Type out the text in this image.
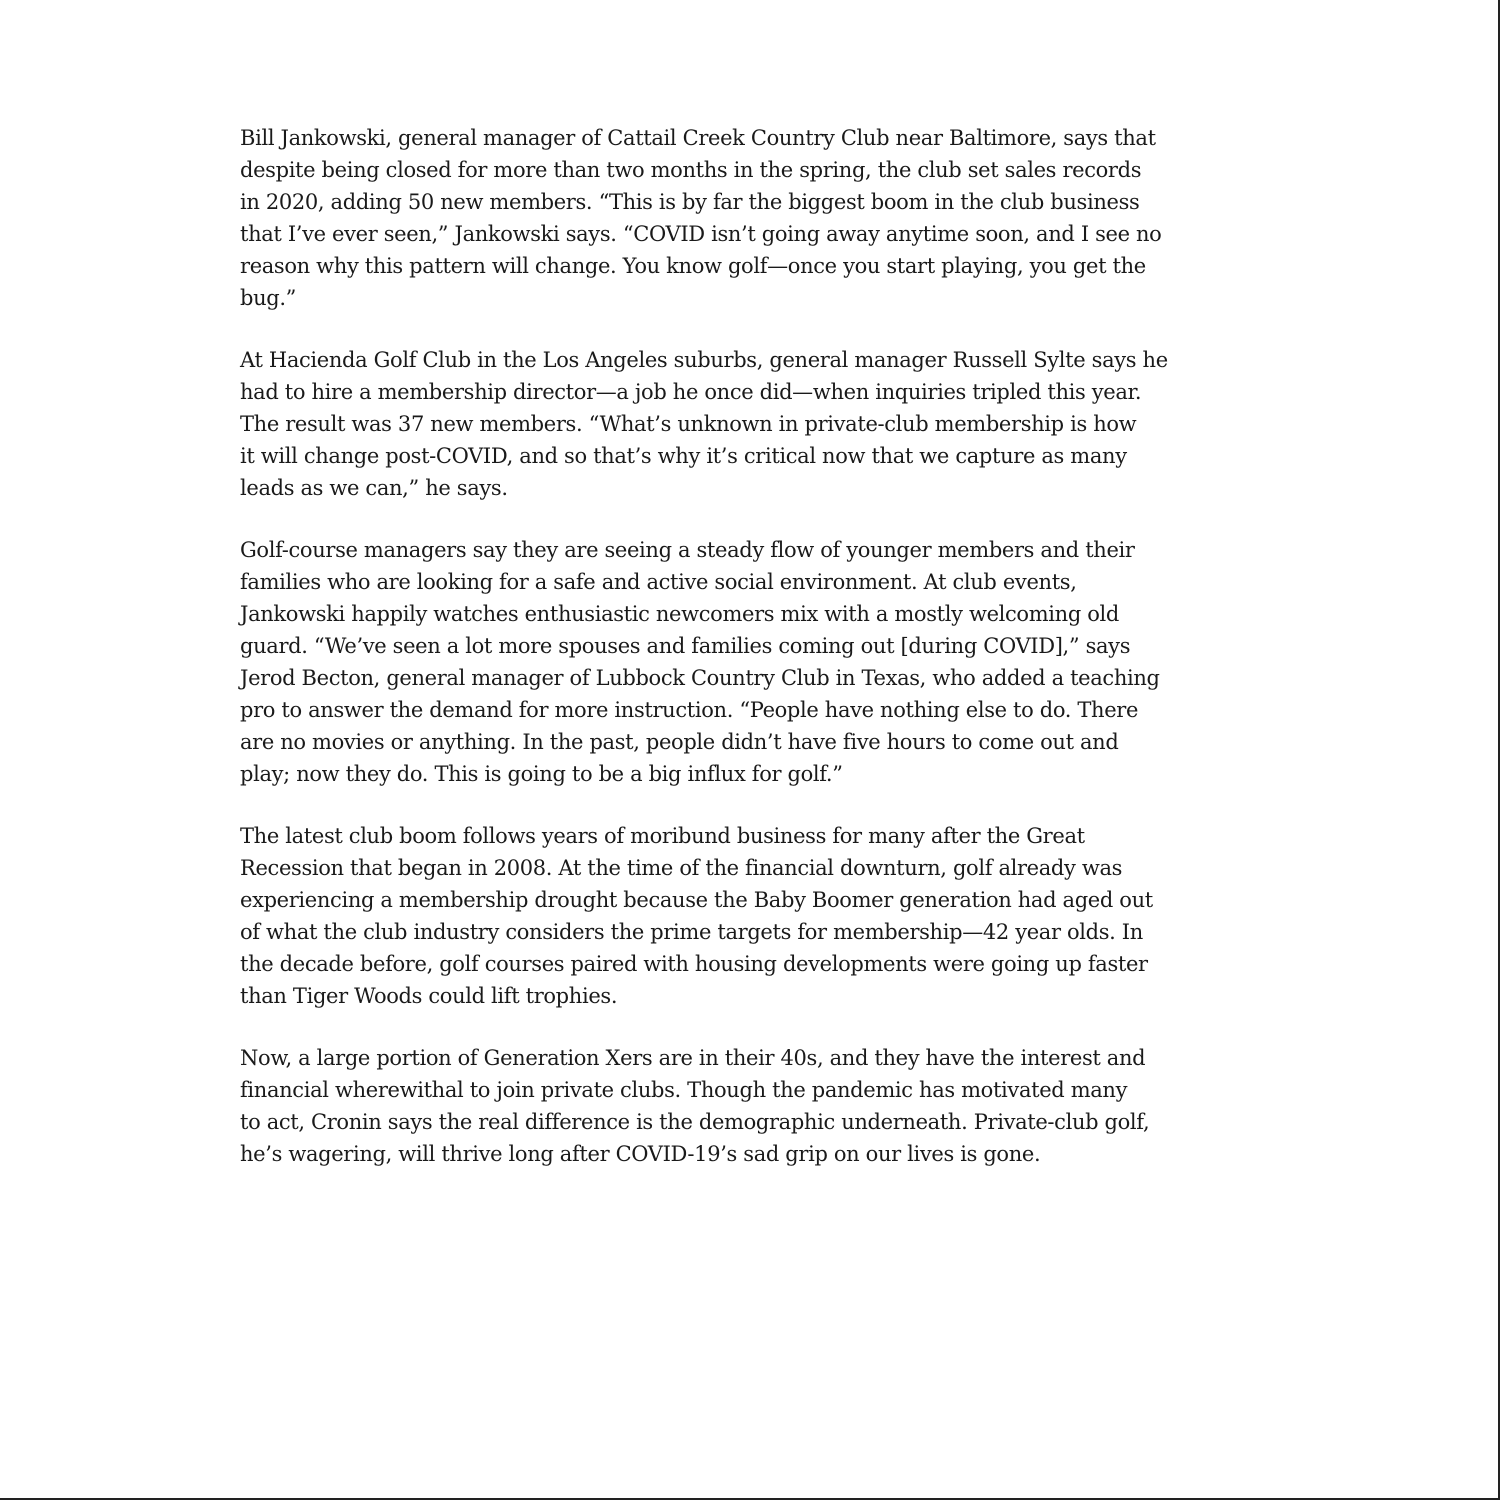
Bill Jankowski, general manager of Cattail Creek Country Club near Baltimore, says that
despite being closed for more than two months in the spring, the club set sales records
in 2020, adding 50 new members. “This is by far the biggest boom in the club business
that I’ve ever seen,” Jankowski says. “COVID isn’t going away anytime soon, and I see no
reason why this pattern will change. You know golf—once you start playing, you get the
bug.”
At Hacienda Golf Club in the Los Angeles suburbs, general manager Russell Sylte says he
had to hire a membership director—a job he once did—when inquiries tripled this year.
The result was 37 new members. “What’s unknown in private-club membership is how
it will change post-COVID, and so that’s why it’s critical now that we capture as many
leads as we can,” he says.
Golf-course managers say they are seeing a steady flow of younger members and their
families who are looking for a safe and active social environment. At club events,
Jankowski happily watches enthusiastic newcomers mix with a mostly welcoming old
guard. “We’ve seen a lot more spouses and families coming out [during COVID],” says
Jerod Becton, general manager of Lubbock Country Club in Texas, who added a teaching
pro to answer the demand for more instruction. “People have nothing else to do. There
are no movies or anything. In the past, people didn’t have five hours to come out and
play; now they do. This is going to be a big influx for golf.”
The latest club boom follows years of moribund business for many after the Great
Recession that began in 2008. At the time of the financial downturn, golf already was
experiencing a membership drought because the Baby Boomer generation had aged out
of what the club industry considers the prime targets for membership—42 year olds. In
the decade before, golf courses paired with housing developments were going up faster
than Tiger Woods could lift trophies.
Now, a large portion of Generation Xers are in their 40s, and they have the interest and
financial wherewithal to join private clubs. Though the pandemic has motivated many
to act, Cronin says the real difference is the demographic underneath. Private-club golf,
he’s wagering, will thrive long after COVID-19’s sad grip on our lives is gone.
